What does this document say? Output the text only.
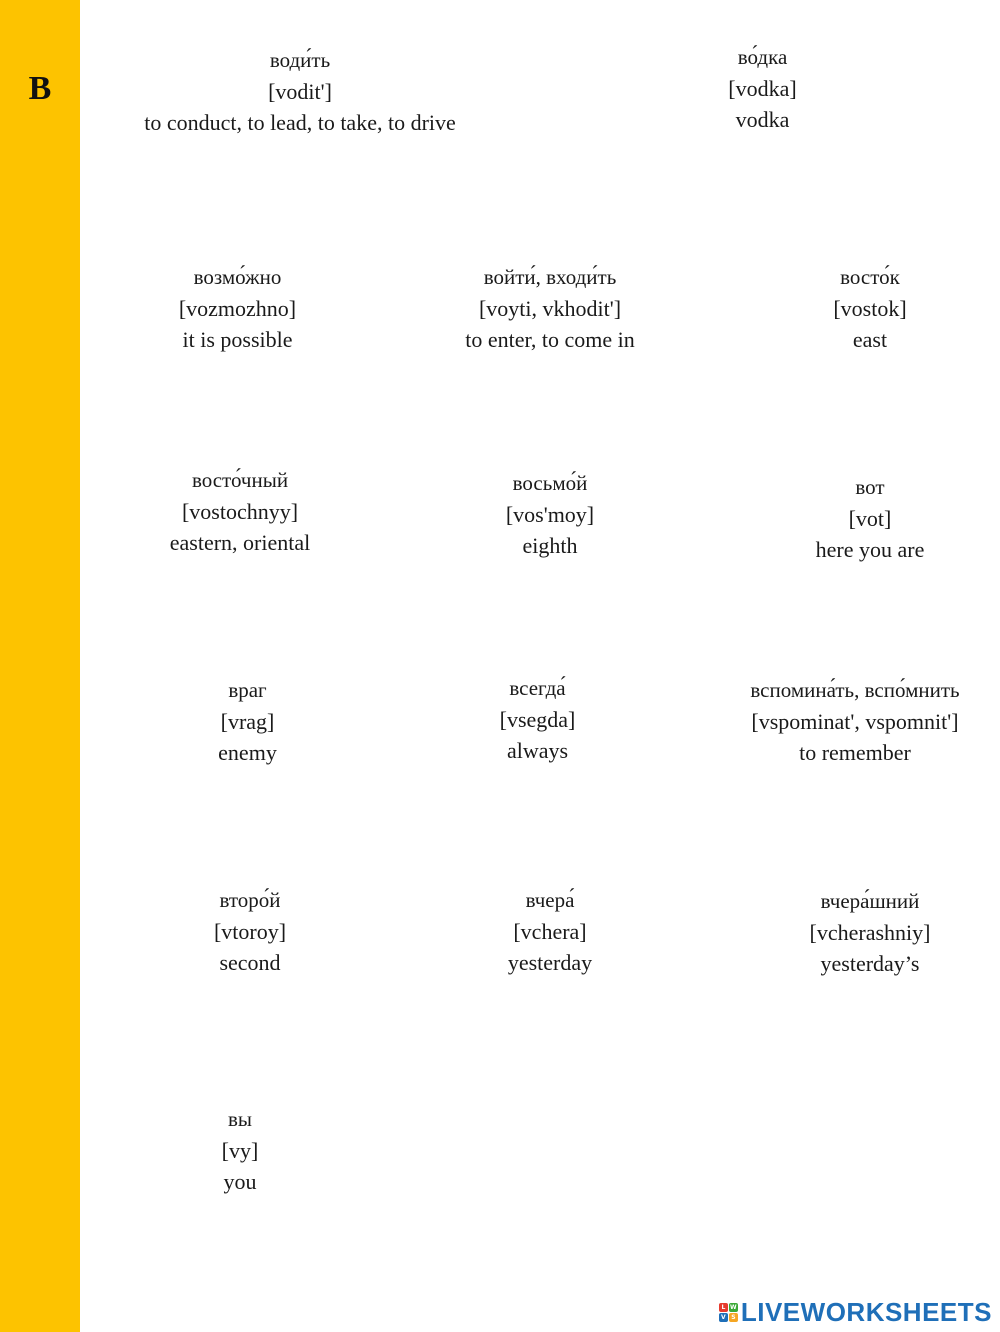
В
води́ть
[vodit']
to conduct, to lead, to take, to drive
во́дка
[vodka]
vodka
возмо́жно
[vozmozhno]
it is possible
войти́, входи́ть
[voyti, vkhodit']
to enter, to come in
восто́к
[vostok]
east
восто́чный
[vostochnyy]
eastern, oriental
восьмо́й
[vos'moy]
eighth
вот
[vot]
here you are
враг
[vrag]
enemy
всегда́
[vsegda]
always
вспомина́ть, вспо́мнить
[vspominat', vspomnit']
to remember
второ́й
[vtoroy]
second
вчера́
[vchera]
yesterday
вчера́шний
[vcherashniy]
yesterday’s
вы
[vy]
you
L W
V S LIVEWORKSHEETS
